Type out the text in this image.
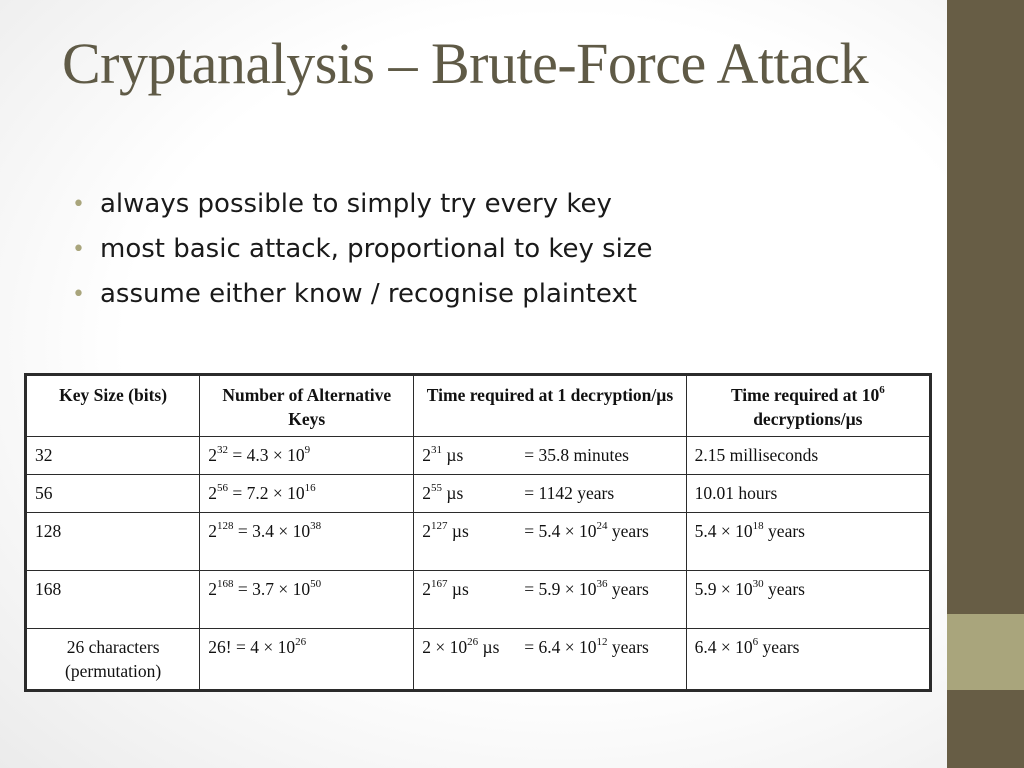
Cryptanalysis – Brute-Force Attack
• always possible to simply try every key
• most basic attack, proportional to key size
• assume either know / recognise plaintext
Key Size (bits)	Number of Alternative Keys	Time required at 1 decryption/µs	Time required at $10^6$
decryptions/µs
32	$2^{32} = 4.3 \times 10^9$	$2^{31}$ µs = 35.8 minutes	2.15 milliseconds
56	$2^{56} = 7.2 \times 10^{16}$	$2^{55}$ µs = 1142 years	10.01 hours
128	$2^{128} = 3.4 \times 10^{38}$	$2^{127}$ $\mu s = 5.4 \times 10^{24}$ years	$5.4 \times 10^{18}$ years
168	$2^{168} = 3.7 \times 10^{50}$	$2^{167}$ $\mu s = 5.9 \times 10^{36}$ years	$5.9 \times 10^{30}$ years
26 characters
(permutation)	26! = $4 \times 10^{26}$	$2 \times 10^{26}$ $\mu s = 6.4 \times 10^{12}$ years	$6.4 \times 10^6$ years
